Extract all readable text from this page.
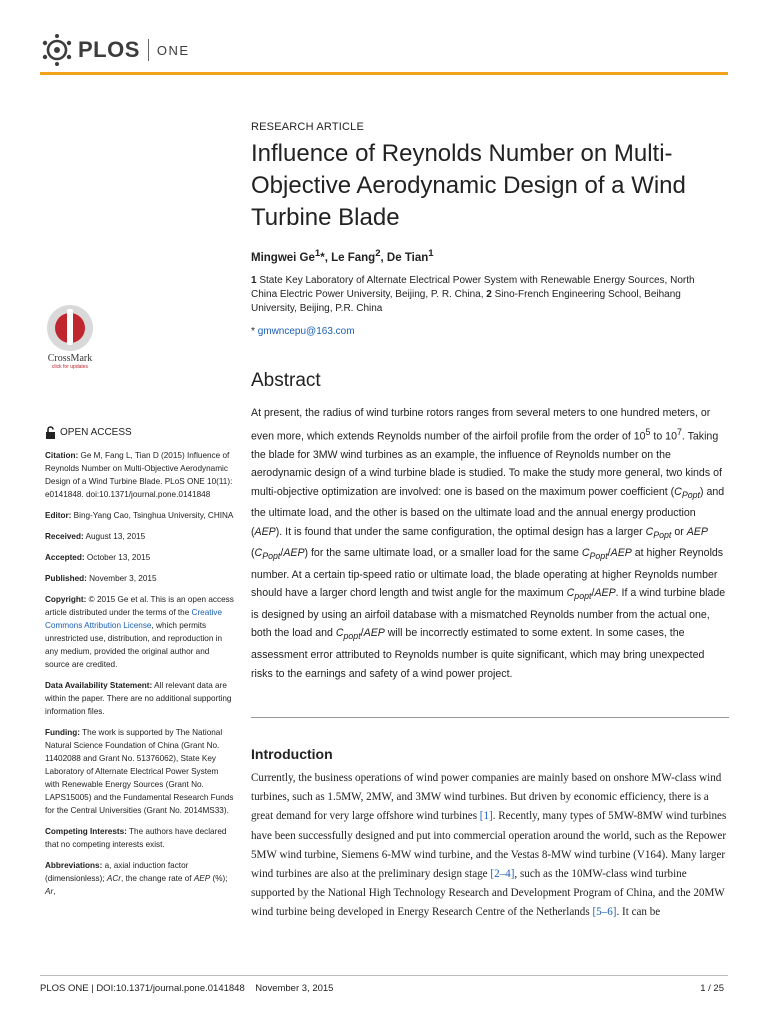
PLOS ONE
RESEARCH ARTICLE
Influence of Reynolds Number on Multi-
Objective Aerodynamic Design of a Wind
Turbine Blade
Mingwei Ge$^1$*, Le Fang$^2$, De Tian$^1$
1 State Key Laboratory of Alternate Electrical Power System with Renewable Energy Sources, North China Electric Power University, Beijing, P. R. China, 2 Sino-French Engineering School, Beihang University, Beijing, P.R. China
* gmwncepu@163.com
CrossMark
click for updates
OPEN ACCESS
Citation: Ge M, Fang L, Tian D (2015) Influence of Reynolds Number on Multi-Objective Aerodynamic Design of a Wind Turbine Blade. PLoS ONE 10(11): e0141848. doi:10.1371/journal.pone.0141848
Editor: Bing-Yang Cao, Tsinghua University, CHINA
Received: August 13, 2015
Accepted: October 13, 2015
Published: November 3, 2015
Copyright: © 2015 Ge et al. This is an open access article distributed under the terms of the Creative Commons Attribution License, which permits unrestricted use, distribution, and reproduction in any medium, provided the original author and source are credited.
Data Availability Statement: All relevant data are within the paper. There are no additional supporting information files.
Funding: The work is supported by The National Natural Science Foundation of China (Grant No. 11402088 and Grant No. 51376062), State Key Laboratory of Alternate Electrical Power System with Renewable Energy Sources (Grant No. LAPS15005) and the Fundamental Research Funds for the Central Universities (Grant No. 2014MS33).
Competing Interests: The authors have declared that no competing interests exist.
Abbreviations: a, axial induction factor (dimensionless); ACr, the change rate of AEP (%); Ar,
Abstract
At present, the radius of wind turbine rotors ranges from several meters to one hundred meters, or even more, which extends Reynolds number of the airfoil profile from the order of $10^5$ to $10^7$. Taking the blade for 3MW wind turbines as an example, the influence of Reynolds number on the aerodynamic design of a wind turbine blade is studied. To make the study more general, two kinds of multi-objective optimization are involved: one is based on the maximum power coefficient $(C_{Popt})$ and the ultimate load, and the other is based on the ultimate load and the annual energy production (AEP). It is found that under the same configuration, the optimal design has a larger $C_{Popt}$ or AEP $(C_{Popt}/AEP)$ for the same ultimate load, or a smaller load for the same $C_{Popt}$/AEP at higher Reynolds number. At a certain tip-speed ratio or ultimate load, the blade operating at higher Reynolds number should have a larger chord length and twist angle for the maximum $C_{popt}$/AEP. If a wind turbine blade is designed by using an airfoil database with a mismatched Reynolds number from the actual one, both the load and $C_{popt}$/AEP will be incorrectly estimated to some extent. In some cases, the assessment error attributed to Reynolds number is quite significant, which may bring unexpected risks to the earnings and safety of a wind power project.
Introduction
Currently, the business operations of wind power companies are mainly based on onshore MW-class wind turbines, such as 1.5MW, 2MW, and 3MW wind turbines. But driven by economic efficiency, there is a great demand for very large offshore wind turbines [1]. Recently, many types of 5MW-8MW wind turbines have been successfully designed and put into commercial operation around the world, such as the Repower 5MW wind turbine, Siemens 6-MW wind turbine, and the Vestas 8-MW wind turbine (V164). Many larger wind turbines are also at the preliminary design stage [2–4], such as the 10MW-class wind turbine supported by the National High Technology Research and Development Program of China, and the 20MW wind turbine being developed in Energy Research Centre of the Netherlands [5–6]. It can be
PLOS ONE | DOI:10.1371/journal.pone.0141848    November 3, 2015	1 / 25
